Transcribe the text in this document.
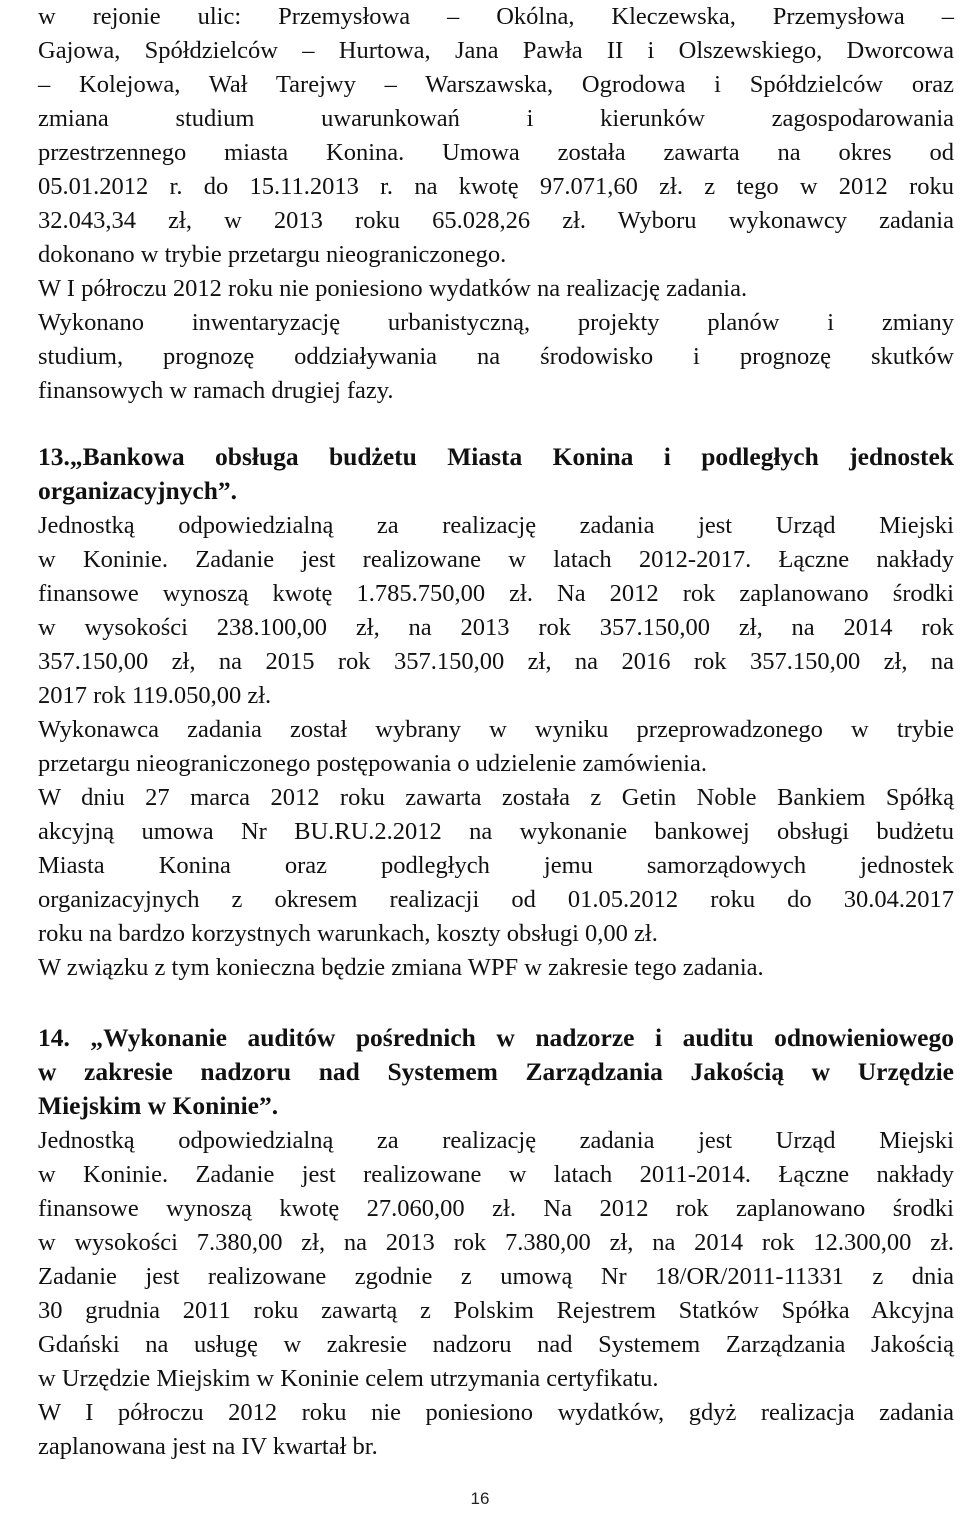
w rejonie ulic: Przemysłowa – Okólna, Kleczewska, Przemysłowa –
Gajowa, Spółdzielców – Hurtowa, Jana Pawła II i Olszewskiego, Dworcowa
– Kolejowa, Wał Tarejwy – Warszawska, Ogrodowa i Spółdzielców oraz
zmiana studium uwarunkowań i kierunków zagospodarowania
przestrzennego miasta Konina. Umowa została zawarta na okres od
05.01.2012 r. do 15.11.2013 r. na kwotę 97.071,60 zł. z tego w 2012 roku
32.043,34 zł, w 2013 roku 65.028,26 zł. Wyboru wykonawcy zadania
dokonano w trybie przetargu nieograniczonego.
W I półroczu 2012 roku nie poniesiono wydatków na realizację zadania.
Wykonano inwentaryzację urbanistyczną, projekty planów i zmiany
studium, prognozę oddziaływania na środowisko i prognozę skutków
finansowych w ramach drugiej fazy.
13.„Bankowa obsługa budżetu Miasta Konina i podległych jednostek
organizacyjnych”.
Jednostką odpowiedzialną za realizację zadania jest Urząd Miejski
w Koninie. Zadanie jest realizowane w latach 2012-2017. Łączne nakłady
finansowe wynoszą kwotę 1.785.750,00 zł. Na 2012 rok zaplanowano środki
w wysokości 238.100,00 zł, na 2013 rok 357.150,00 zł, na 2014 rok
357.150,00 zł, na 2015 rok 357.150,00 zł, na 2016 rok 357.150,00 zł, na
2017 rok 119.050,00 zł.
Wykonawca zadania został wybrany w wyniku przeprowadzonego w trybie
przetargu nieograniczonego postępowania o udzielenie zamówienia.
W dniu 27 marca 2012 roku zawarta została z Getin Noble Bankiem Spółką
akcyjną umowa Nr BU.RU.2.2012 na wykonanie bankowej obsługi budżetu
Miasta Konina oraz podległych jemu samorządowych jednostek
organizacyjnych z okresem realizacji od 01.05.2012 roku do 30.04.2017
roku na bardzo korzystnych warunkach, koszty obsługi 0,00 zł.
W związku z tym konieczna będzie zmiana WPF w zakresie tego zadania.
14. „Wykonanie auditów pośrednich w nadzorze i auditu odnowieniowego
w zakresie nadzoru nad Systemem Zarządzania Jakością w Urzędzie
Miejskim w Koninie”.
Jednostką odpowiedzialną za realizację zadania jest Urząd Miejski
w Koninie. Zadanie jest realizowane w latach 2011-2014. Łączne nakłady
finansowe wynoszą kwotę 27.060,00 zł. Na 2012 rok zaplanowano środki
w wysokości 7.380,00 zł, na 2013 rok 7.380,00 zł, na 2014 rok 12.300,00 zł.
Zadanie jest realizowane zgodnie z umową Nr 18/OR/2011-11331 z dnia
30 grudnia 2011 roku zawartą z Polskim Rejestrem Statków Spółka Akcyjna
Gdański na usługę w zakresie nadzoru nad Systemem Zarządzania Jakością
w Urzędzie Miejskim w Koninie celem utrzymania certyfikatu.
W I półroczu 2012 roku nie poniesiono wydatków, gdyż realizacja zadania
zaplanowana jest na IV kwartał br.
16
